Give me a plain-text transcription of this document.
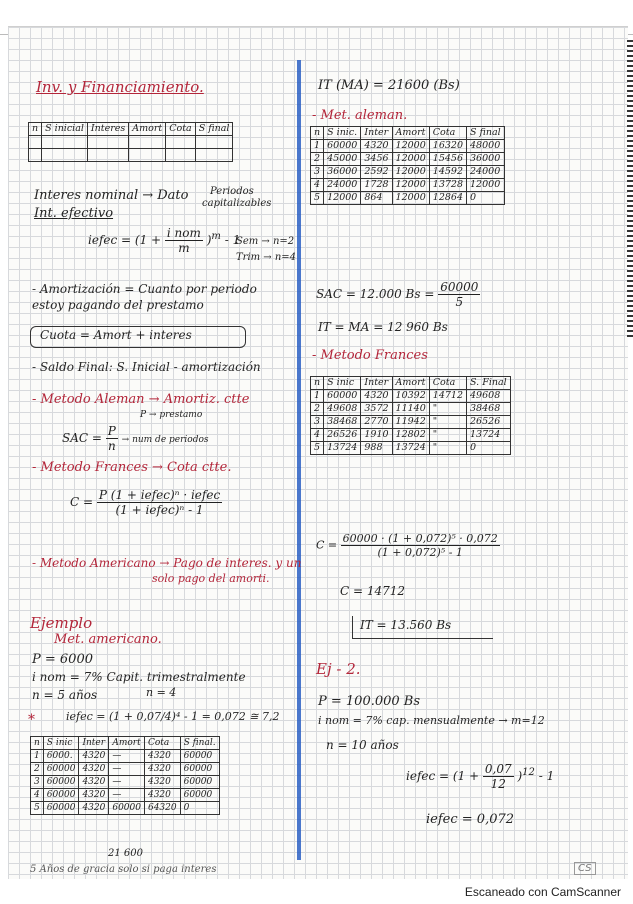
Inv. y Financiamiento.
n	S inicial	Interes	Amort	Cota	S final

Interes nominal → Dato
Int. efectivo
Periodos
capitalizables
iefec = $(1 + \frac{\text{i nom}}{m} )^m - 1$
Sem → n=2
Trim → n=4
- Amortización = Cuanto por periodo
estoy pagando del prestamo
Cuota = Amort + interes
- Saldo Final: S. Inicial - amortización
- Metodo Aleman → Amortiz. ctte
P → prestamo
SAC = $\frac{P}{n}$ → num de periodos
- Metodo Frances → Cota ctte.
$C = \frac{\text{P (1 + iefec)ⁿ · iefec}}{\text{(1 + iefec)ⁿ - 1}}$
- Metodo Americano → Pago de interes. y un
solo pago del amorti.
Ejemplo
Met. americano.
P = 6000
i nom = 7% Capit. trimestralmente
n = 5 años	n = 4
*	iefec = (1 + 0,07/4)⁴ - 1 = 0,072 ≅ 7,2
n	S inic	Inter	Amort	Cota	S final.
1	6000.	4320	—	4320	60000
2	60000	4320	—	4320	60000
3	60000	4320	—	4320	60000
4	60000	4320	—	4320	60000
5	60000	4320	60000	64320	0
21 600
5 Años de gracia solo si paga interes
IT (MA) = 21600 (Bs)
- Met. aleman.
n	S inic.	Inter	Amort	Cota	S final
1	60000	4320	12000	16320	48000
2	45000	3456	12000	15456	36000
3	36000	2592	12000	14592	24000
4	24000	1728	12000	13728	12000
5	12000	864	12000	12864	0
SAC = 12.000 $Bs = \frac{60000}{5}$
IT = MA = 12 960 Bs
- Metodo Frances
n	S inic	Inter	Amort	Cota	S. Final
1	60000	4320	10392	14712	49608
2	49608	3572	11140	"	38468
3	38468	2770	11942	"	26526
4	26526	1910	12802	"	13724
5	13724	988	13724	"	0
$C = \frac{\text{60000 · (1 + 0,072)⁵ · 0,072}}{\text{(1 + 0,072)⁵ - 1}}$
C = 14712
IT = 13.560 Bs
Ej - 2.
P = 100.000 Bs
i nom = 7% cap. mensualmente → m=12
n = 10 años
iefec = $(1 + \frac{0,07}{12} )^{12} - 1$
iefec = 0,072
CS
Escaneado con CamScanner
